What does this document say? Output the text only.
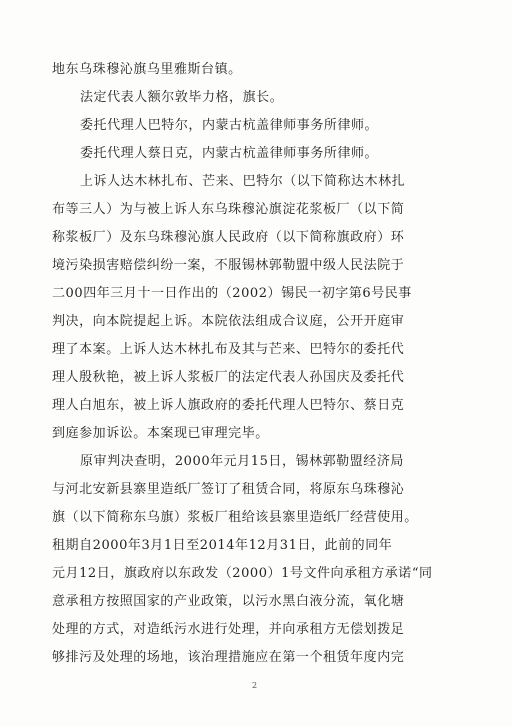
地东乌珠穆沁旗乌里雅斯台镇。
法定代表人额尔敦毕力格，旗长。
委托代理人巴特尔，内蒙古杭盖律师事务所律师。
委托代理人蔡日克，内蒙古杭盖律师事务所律师。
上诉人达木林扎布、芒来、巴特尔（以下简称达木林扎
布等三人）为与被上诉人东乌珠穆沁旗淀花浆板厂（以下简
称浆板厂）及东乌珠穆沁旗人民政府（以下简称旗政府）环
境污染损害赔偿纠纷一案，不服锡林郭勒盟中级人民法院于
二00四年三月十一日作出的（2002）锡民一初字第6号民事
判决，向本院提起上诉。本院依法组成合议庭，公开开庭审
理了本案。上诉人达木林扎布及其与芒来、巴特尔的委托代
理人殷秋艳，被上诉人浆板厂的法定代表人孙国庆及委托代
理人白旭东，被上诉人旗政府的委托代理人巴特尔、蔡日克
到庭参加诉讼。本案现已审理完毕。
原审判决查明，2000年元月15日，锡林郭勒盟经济局
与河北安新县寨里造纸厂签订了租赁合同，将原东乌珠穆沁
旗（以下简称东乌旗）浆板厂租给该县寨里造纸厂经营使用。
租期自2000年3月1日至2014年12月31日，此前的同年
元月12日，旗政府以东政发（2000）1号文件向承租方承诺“同
意承租方按照国家的产业政策，以污水黑白液分流，氧化塘
处理的方式，对造纸污水进行处理，并向承租方无偿划拨足
够排污及处理的场地，该治理措施应在第一个租赁年度内完
2
